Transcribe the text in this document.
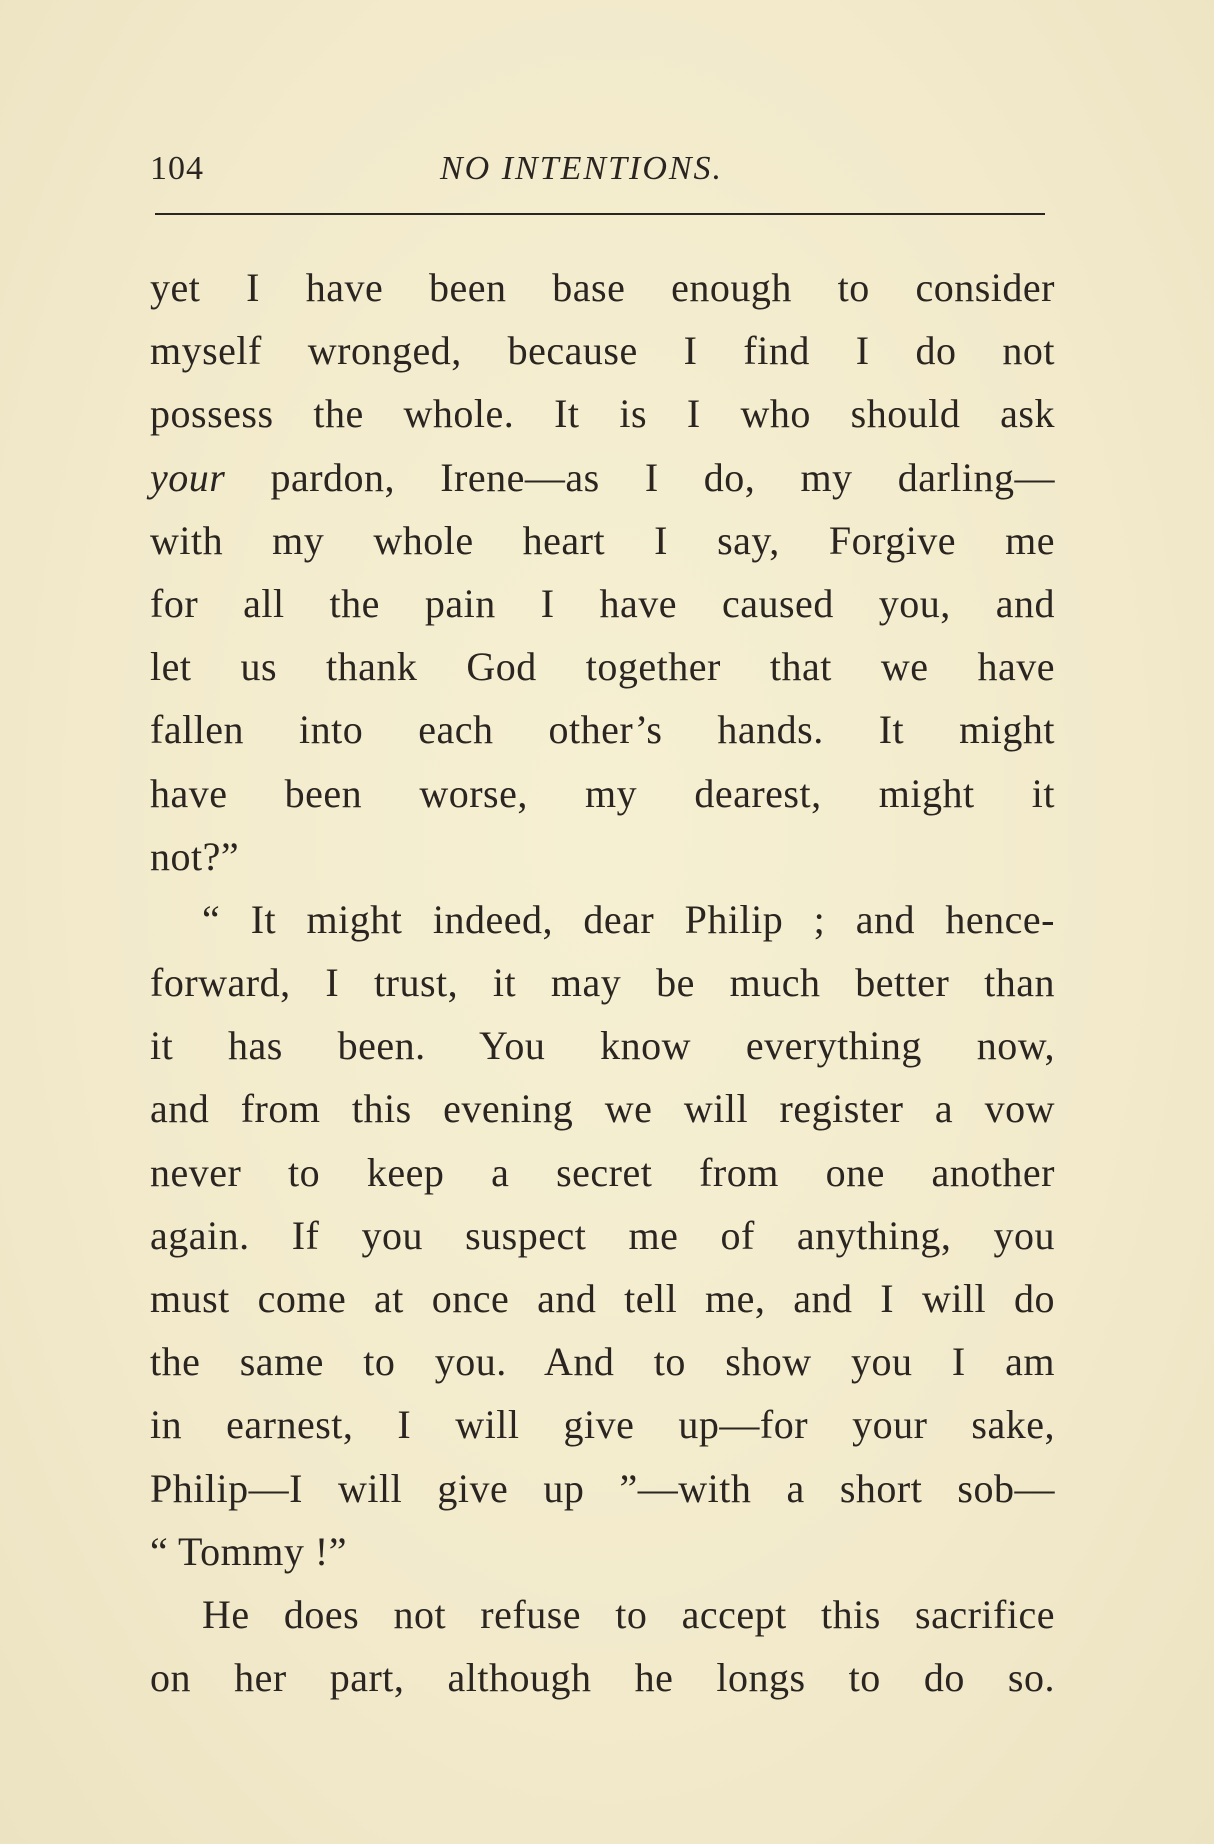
104	NO INTENTIONS.
yet I have been base enough to consider
myself wronged, because I find I do not
possess the whole. It is I who should ask
your pardon, Irene—as I do, my darling—
with my whole heart I say, Forgive me
for all the pain I have caused you, and
let us thank God together that we have
fallen into each other’s hands. It might
have been worse, my dearest, might it
not?”
“ It might indeed, dear Philip ; and hence-
forward, I trust, it may be much better than
it has been. You know everything now,
and from this evening we will register a vow
never to keep a secret from one another
again. If you suspect me of anything, you
must come at once and tell me, and I will do
the same to you. And to show you I am
in earnest, I will give up—for your sake,
Philip—I will give up ”—with a short sob—
“ Tommy !”
He does not refuse to accept this sacrifice
on her part, although he longs to do so.
